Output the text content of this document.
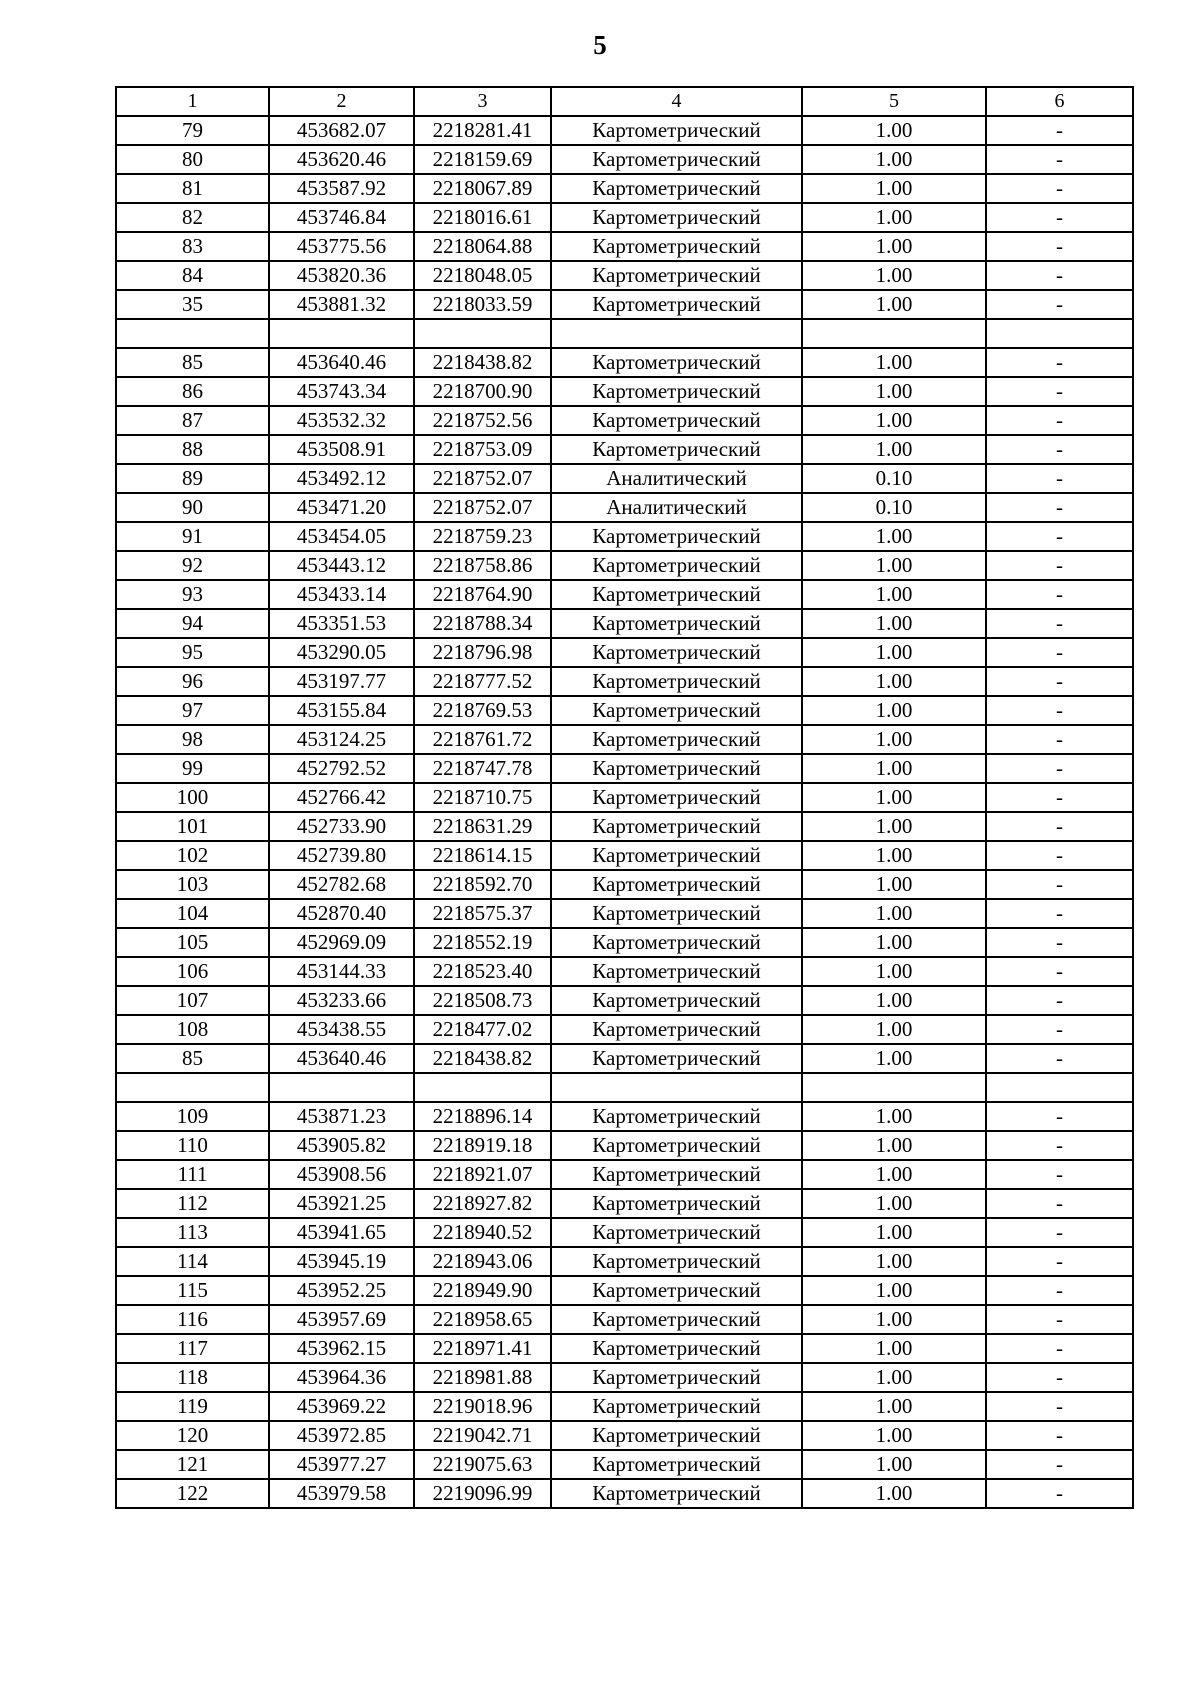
5
1	2	3	4	5	6
79	453682.07	2218281.41	Картометрический	1.00	-
80	453620.46	2218159.69	Картометрический	1.00	-
81	453587.92	2218067.89	Картометрический	1.00	-
82	453746.84	2218016.61	Картометрический	1.00	-
83	453775.56	2218064.88	Картометрический	1.00	-
84	453820.36	2218048.05	Картометрический	1.00	-
35	453881.32	2218033.59	Картометрический	1.00	-

85	453640.46	2218438.82	Картометрический	1.00	-
86	453743.34	2218700.90	Картометрический	1.00	-
87	453532.32	2218752.56	Картометрический	1.00	-
88	453508.91	2218753.09	Картометрический	1.00	-
89	453492.12	2218752.07	Аналитический	0.10	-
90	453471.20	2218752.07	Аналитический	0.10	-
91	453454.05	2218759.23	Картометрический	1.00	-
92	453443.12	2218758.86	Картометрический	1.00	-
93	453433.14	2218764.90	Картометрический	1.00	-
94	453351.53	2218788.34	Картометрический	1.00	-
95	453290.05	2218796.98	Картометрический	1.00	-
96	453197.77	2218777.52	Картометрический	1.00	-
97	453155.84	2218769.53	Картометрический	1.00	-
98	453124.25	2218761.72	Картометрический	1.00	-
99	452792.52	2218747.78	Картометрический	1.00	-
100	452766.42	2218710.75	Картометрический	1.00	-
101	452733.90	2218631.29	Картометрический	1.00	-
102	452739.80	2218614.15	Картометрический	1.00	-
103	452782.68	2218592.70	Картометрический	1.00	-
104	452870.40	2218575.37	Картометрический	1.00	-
105	452969.09	2218552.19	Картометрический	1.00	-
106	453144.33	2218523.40	Картометрический	1.00	-
107	453233.66	2218508.73	Картометрический	1.00	-
108	453438.55	2218477.02	Картометрический	1.00	-
85	453640.46	2218438.82	Картометрический	1.00	-

109	453871.23	2218896.14	Картометрический	1.00	-
110	453905.82	2218919.18	Картометрический	1.00	-
111	453908.56	2218921.07	Картометрический	1.00	-
112	453921.25	2218927.82	Картометрический	1.00	-
113	453941.65	2218940.52	Картометрический	1.00	-
114	453945.19	2218943.06	Картометрический	1.00	-
115	453952.25	2218949.90	Картометрический	1.00	-
116	453957.69	2218958.65	Картометрический	1.00	-
117	453962.15	2218971.41	Картометрический	1.00	-
118	453964.36	2218981.88	Картометрический	1.00	-
119	453969.22	2219018.96	Картометрический	1.00	-
120	453972.85	2219042.71	Картометрический	1.00	-
121	453977.27	2219075.63	Картометрический	1.00	-
122	453979.58	2219096.99	Картометрический	1.00	-
